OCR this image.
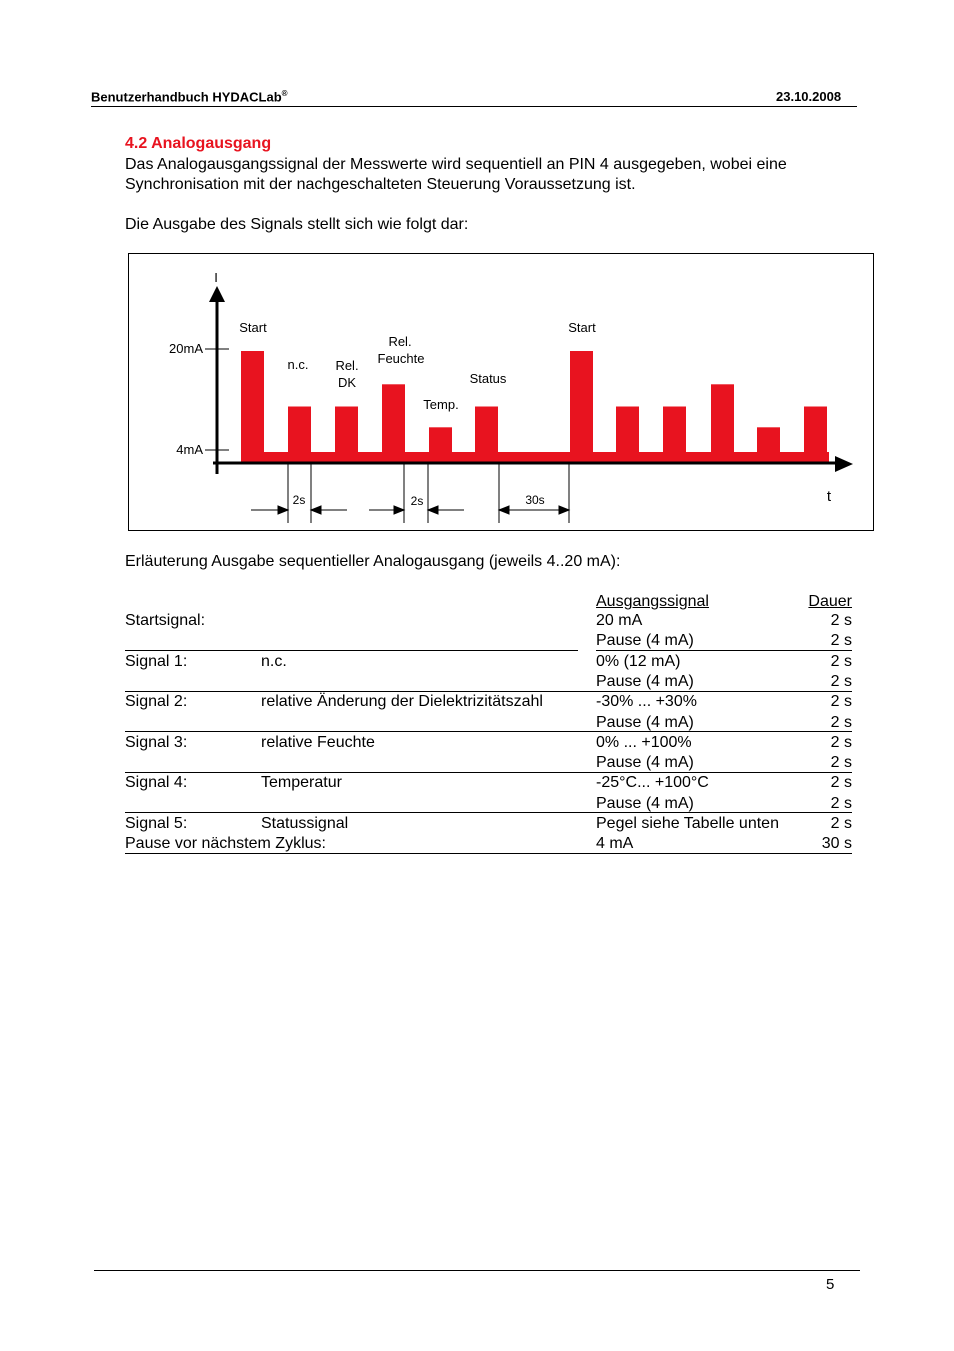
Benutzerhandbuch HYDACLab®	23.10.2008
4.2 Analogausgang
Das Analogausgangssignal der Messwerte wird sequentiell an PIN 4 ausgegeben, wobei eine
Synchronisation mit der nachgeschalteten Steuerung Voraussetzung ist.
Die Ausgabe des Signals stellt sich wie folgt dar:
20mA
4mA
I
t
Start
n.c. Rel.
DK
Rel.
Feuchte
Temp.
Status
Start
2s	2s	30s
Erläuterung Ausgabe sequentieller Analogausgang (jeweils 4..20 mA):
Ausgangssignal	Dauer
Startsignal:	20 mA	2 s
Pause (4 mA)	2 s
Signal 1:	n.c.	0% (12 mA)	2 s
Pause (4 mA)	2 s
Signal 2:	relative Änderung der Dielektrizitätszahl	-30% ... +30%	2 s
Pause (4 mA)	2 s
Signal 3:	relative Feuchte	0% ... +100%	2 s
Pause (4 mA)	2 s
Signal 4:	Temperatur	-25°C... +100°C	2 s
Pause (4 mA)	2 s
Signal 5:	Statussignal	Pegel siehe Tabelle unten	2 s
Pause vor nächstem Zyklus:	4 mA	30 s
5
